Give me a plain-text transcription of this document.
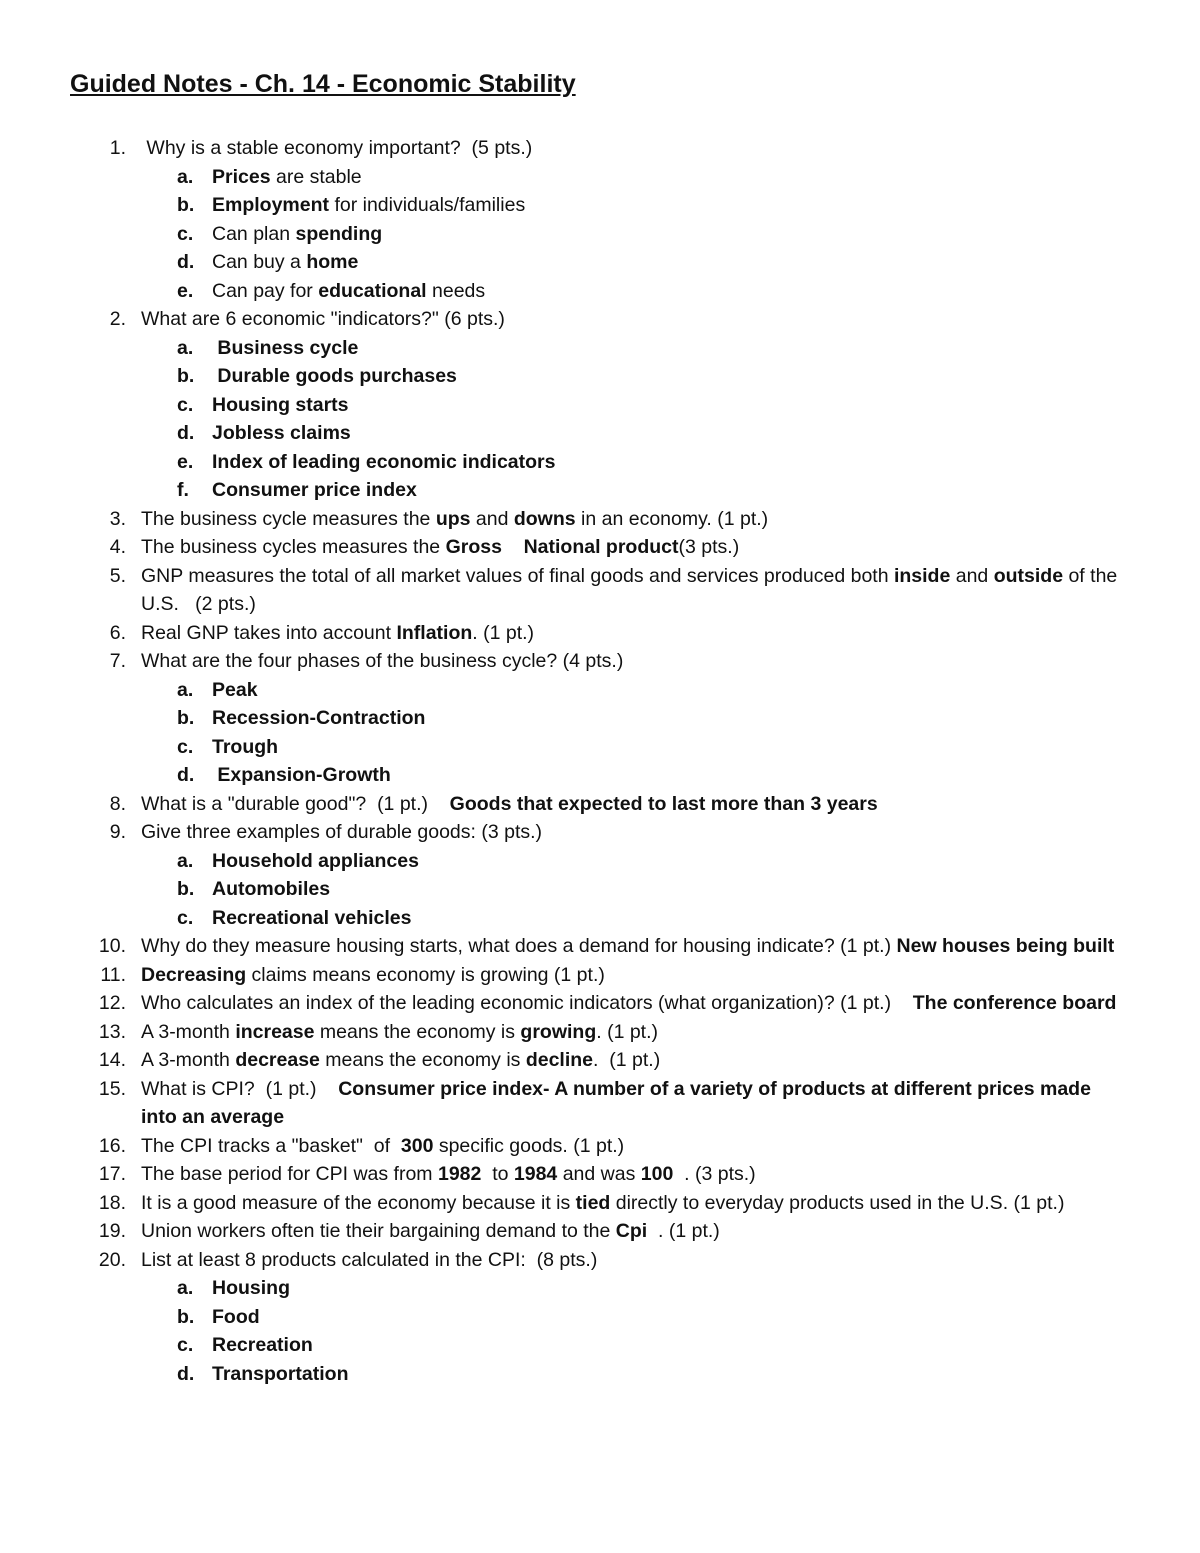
Guided Notes - Ch. 14 - Economic Stability
1. Why is a stable economy important?  (5 pts.)
a. Prices are stable
b. Employment for individuals/families
c. Can plan spending
d. Can buy a home
e. Can pay for educational needs
2. What are 6 economic "indicators?" (6 pts.)
a. Business cycle
b. Durable goods purchases
c. Housing starts
d. Jobless claims
e. Index of leading economic indicators
f. Consumer price index
3. The business cycle measures the ups and downs in an economy. (1 pt.)
4. The business cycles measures the Gross    National product(3 pts.)
5. GNP measures the total of all market values of final goods and services produced both inside and outside of the U.S.   (2 pts.)
6. Real GNP takes into account Inflation. (1 pt.)
7. What are the four phases of the business cycle? (4 pts.)
a. Peak
b. Recession-Contraction
c. Trough
d. Expansion-Growth
8. What is a "durable good"?  (1 pt.)    Goods that expected to last more than 3 years
9. Give three examples of durable goods: (3 pts.)
a. Household appliances
b. Automobiles
c. Recreational vehicles
10. Why do they measure housing starts, what does a demand for housing indicate? (1 pt.) New houses being built
11. Decreasing claims means economy is growing (1 pt.)
12. Who calculates an index of the leading economic indicators (what organization)? (1 pt.)    The conference board
13. A 3-month increase means the economy is growing. (1 pt.)
14. A 3-month decrease means the economy is decline.  (1 pt.)
15. What is CPI?  (1 pt.)    Consumer price index- A number of a variety of products at different prices made into an average
16. The CPI tracks a "basket"  of  300 specific goods. (1 pt.)
17. The base period for CPI was from 1982  to 1984 and was 100  . (3 pts.)
18. It is a good measure of the economy because it is tied directly to everyday products used in the U.S. (1 pt.)
19. Union workers often tie their bargaining demand to the Cpi  . (1 pt.)
20. List at least 8 products calculated in the CPI:  (8 pts.)
a. Housing
b. Food
c. Recreation
d. Transportation
